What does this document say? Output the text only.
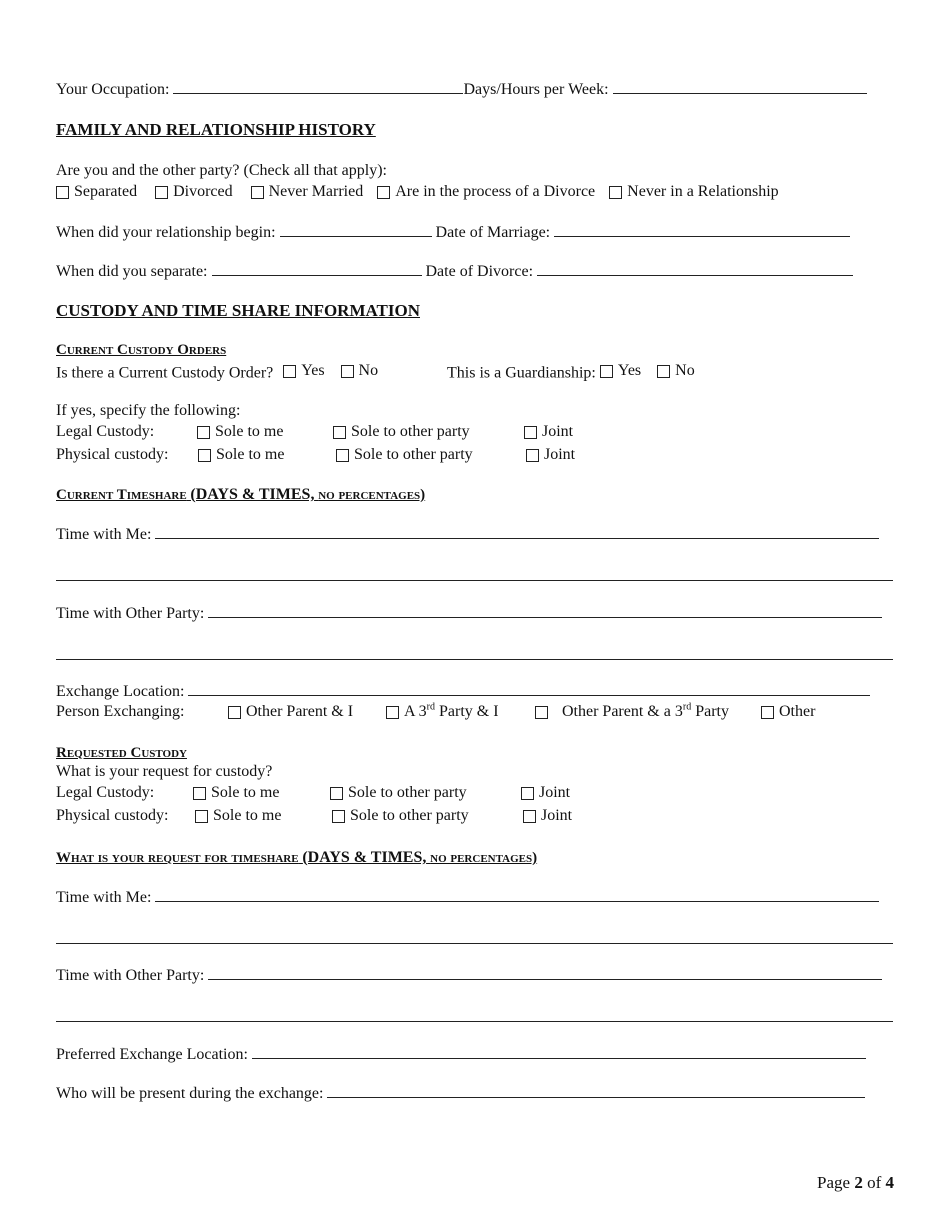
Your Occupation:	Days/Hours per Week:
FAMILY AND RELATIONSHIP HISTORY
Are you and the other party? (Check all that apply):
Separated
Divorced
Never Married
Are in the process of a Divorce
Never in a Relationship
When did your relationship begin:	Date of Marriage:
When did you separate:	Date of Divorce:
CUSTODY AND TIME SHARE INFORMATION
Current Custody Orders
Is there a Current Custody Order? Yes
No	This is a Guardianship: Yes
No
If yes, specify the following:
Legal Custody:	Sole to me	Sole to other party	Joint
Physical custody:	Sole to me	Sole to other party	Joint
Current Timeshare (DAYS & TIMES, no percentages)
Time with Me:
Time with Other Party:
Exchange Location:
Person Exchanging:	Other Parent & I	A 3rd Party & I	Other Parent & a 3rd Party	Other
Requested Custody
What is your request for custody?
Legal Custody:	Sole to me	Sole to other party	Joint
Physical custody:	Sole to me	Sole to other party	Joint
What is your request for timeshare (DAYS & TIMES, no percentages)
Time with Me:
Time with Other Party:
Preferred Exchange Location:
Who will be present during the exchange:
Page 2 of 4
